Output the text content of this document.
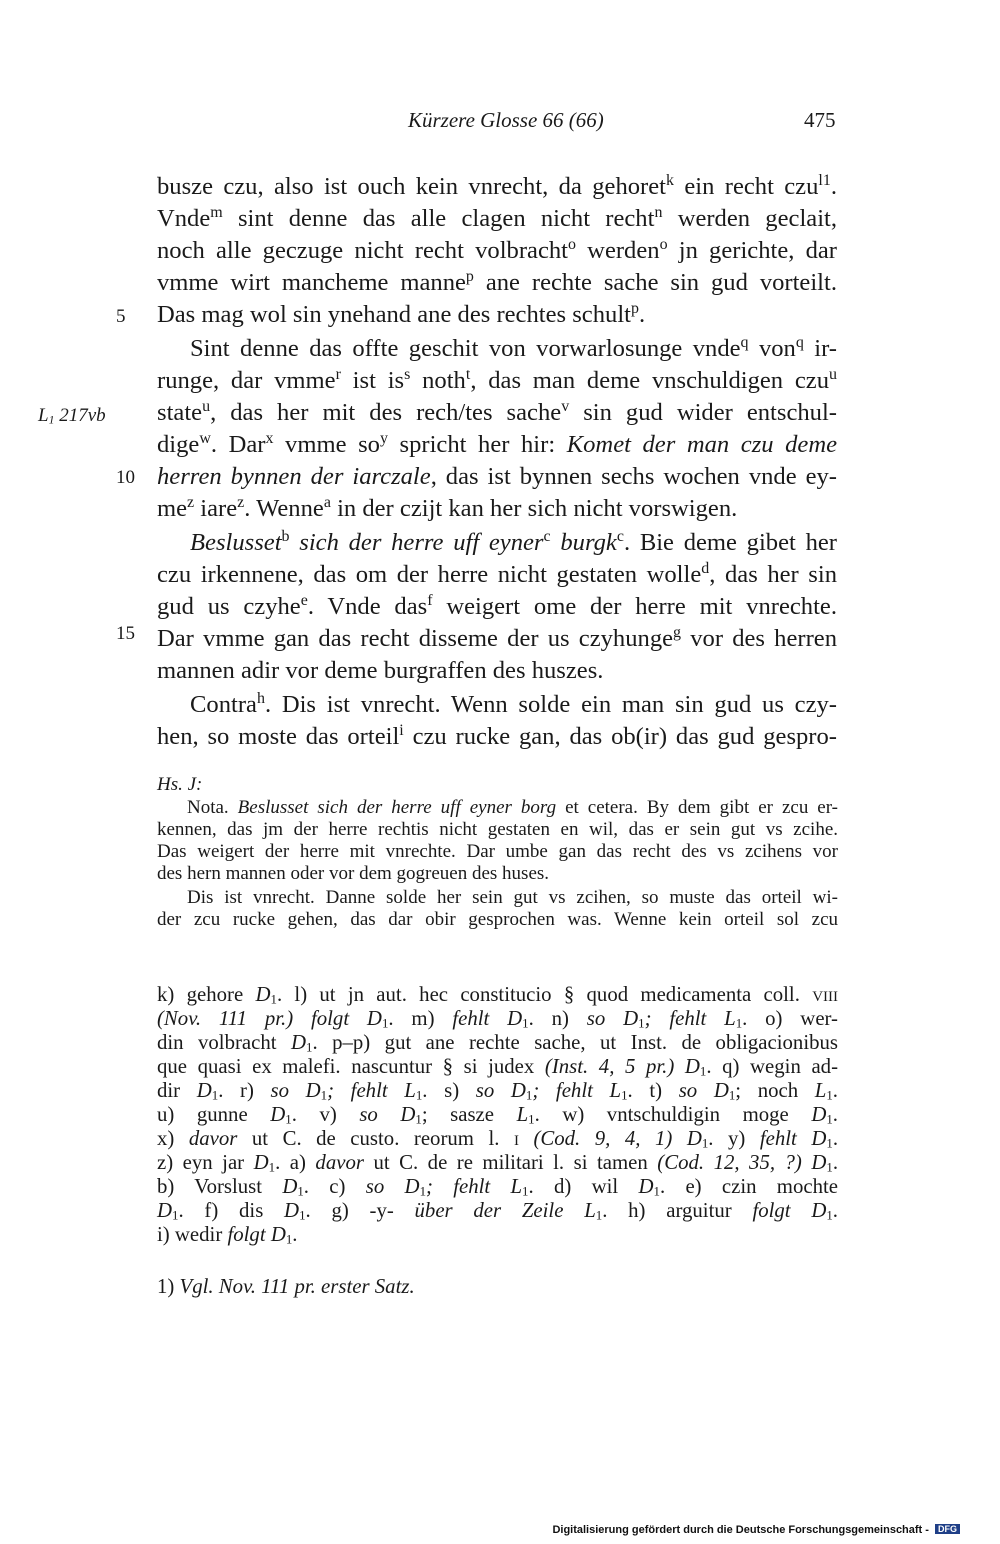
Kürzere Glosse 66 (66)	475
$L_1$ 217vb
5
10
15
busze czu, also ist ouch kein vnrecht, da gehoret$^k$ ein recht czu$^{l1}$.
Vnde$^m$ sint denne das alle clagen nicht recht$^n$ werden geclait,
noch alle geczuge nicht recht volbracht$^o$ werden$^o$ jn gerichte, dar
vmme wirt mancheme manne$^p$ ane rechte sache sin gud vorteilt.
Das mag wol sin ynehand ane des rechtes schult$^p$.
Sint denne das offte geschit von vorwarlosunge vnde$^q$ von$^q$ ir-
runge, dar vmme$^r$ ist $is^s$ noth$^t$, das man deme vnschuldigen czu$^u$
state$^u$, das her mit des rech/tes sache$^v$ sin gud wider entschul-
dige$^w$. Dar$^x$ vmme $so^y$ spricht her hir: Komet der man czu deme
herren bynnen der iarczale, das ist bynnen sechs wochen vnde ey-
$me^z$ iare$^z$. Wenne$^a$ in der czijt kan her sich nicht vorswigen.
Beslusset$^b$ sich der herre uff eyner$^c$ burgk$^c$. Bie deme gibet her
czu irkennene, das om der herre nicht gestaten wolle$^d$, das her sin
gud us czyhe$^e$. Vnde das$^f$ weigert ome der herre mit vnrechte.
Dar vmme gan das recht disseme der us czyhunge$^g$ vor des herren
mannen adir vor deme burgraffen des huszes.
Contra$^h$. Dis ist vnrecht. Wenn solde ein man sin gud us czy-
hen, so moste das orteil$^i$ czu rucke gan, das ob(ir) das gud gespro-
Hs. J:
Nota. Beslusset sich der herre uff eyner borg et cetera. By dem gibt er zcu er-
kennen, das jm der herre rechtis nicht gestaten en wil, das er sein gut vs zcihe.
Das weigert der herre mit vnrechte. Dar umbe gan das recht des vs zcihens vor
des hern mannen oder vor dem gogreuen des huses.
Dis ist vnrecht. Danne solde her sein gut vs zcihen, so muste das orteil wi-
der zcu rucke gehen, das dar obir gesprochen was. Wenne kein orteil sol zcu
k) gehore $D_1$. l) ut jn aut. hec constitucio § quod medicamenta coll. viii
(Nov. 111 pr.) folgt $D_1$. m) fehlt $D_1$. n) so $D_1$; fehlt $L_1$. o) wer-
din volbracht $D_1$. p–p) gut ane rechte sache, ut Inst. de obligacionibus
que quasi ex malefi. nascuntur § si judex (Inst. 4, 5 pr.) $D_1$. q) wegin ad-
dir $D_1$. r) so $D_1$; fehlt $L_1$. s) so $D_1$; fehlt $L_1$. t) so $D_1$; noch $L_1$.
u) gunne $D_1$. v) so $D_1$; sasze $L_1$. w) vntschuldigin moge $D_1$.
x) davor ut C. de custo. reorum l. i (Cod. 9, 4, 1) $D_1$. y) fehlt $D_1$.
z) eyn jar $D_1$. a) davor ut C. de re militari l. si tamen (Cod. 12, 35, ?) $D_1$.
b) Vorslust $D_1$. c) so $D_1$; fehlt $L_1$. d) wil $D_1$. e) czin mochte
$D_1$. f) dis $D_1$. g) -y- über der Zeile $L_1$. h) arguitur folgt $D_1$.
i) wedir folgt $D_1$.
1) Vgl. Nov. 111 pr. erster Satz.
Digitalisierung gefördert durch die Deutsche Forschungsgemeinschaft - DFG
